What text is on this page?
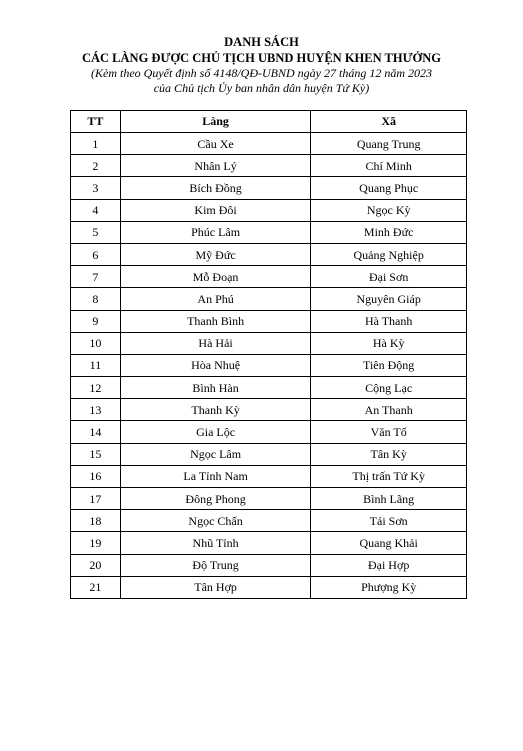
DANH SÁCH
CÁC LÀNG ĐƯỢC CHỦ TỊCH UBND HUYỆN KHEN THƯỞNG
(Kèm theo Quyết định số 4148/QĐ-UBND ngày 27 tháng 12 năm 2023
của Chủ tịch Ủy ban nhân dân huyện Tứ Kỳ)
TT	Làng	Xã
1	Cầu Xe	Quang Trung
2	Nhân Lý	Chí Minh
3	Bích Đồng	Quang Phục
4	Kim Đôi	Ngọc Kỳ
5	Phúc Lâm	Minh Đức
6	Mỹ Đức	Quảng Nghiệp
7	Mỗ Đoạn	Đại Sơn
8	An Phú	Nguyên Giáp
9	Thanh Bình	Hà Thanh
10	Hà Hải	Hà Kỳ
11	Hòa Nhuệ	Tiên Động
12	Bình Hàn	Cộng Lạc
13	Thanh Kỳ	An Thanh
14	Gia Lộc	Văn Tố
15	Ngọc Lâm	Tân Kỳ
16	La Tỉnh Nam	Thị trấn Tứ Kỳ
17	Đông Phong	Bình Lãng
18	Ngọc Chấn	Tái Sơn
19	Nhũ Tỉnh	Quang Khải
20	Độ Trung	Đại Hợp
21	Tân Hợp	Phượng Kỳ
